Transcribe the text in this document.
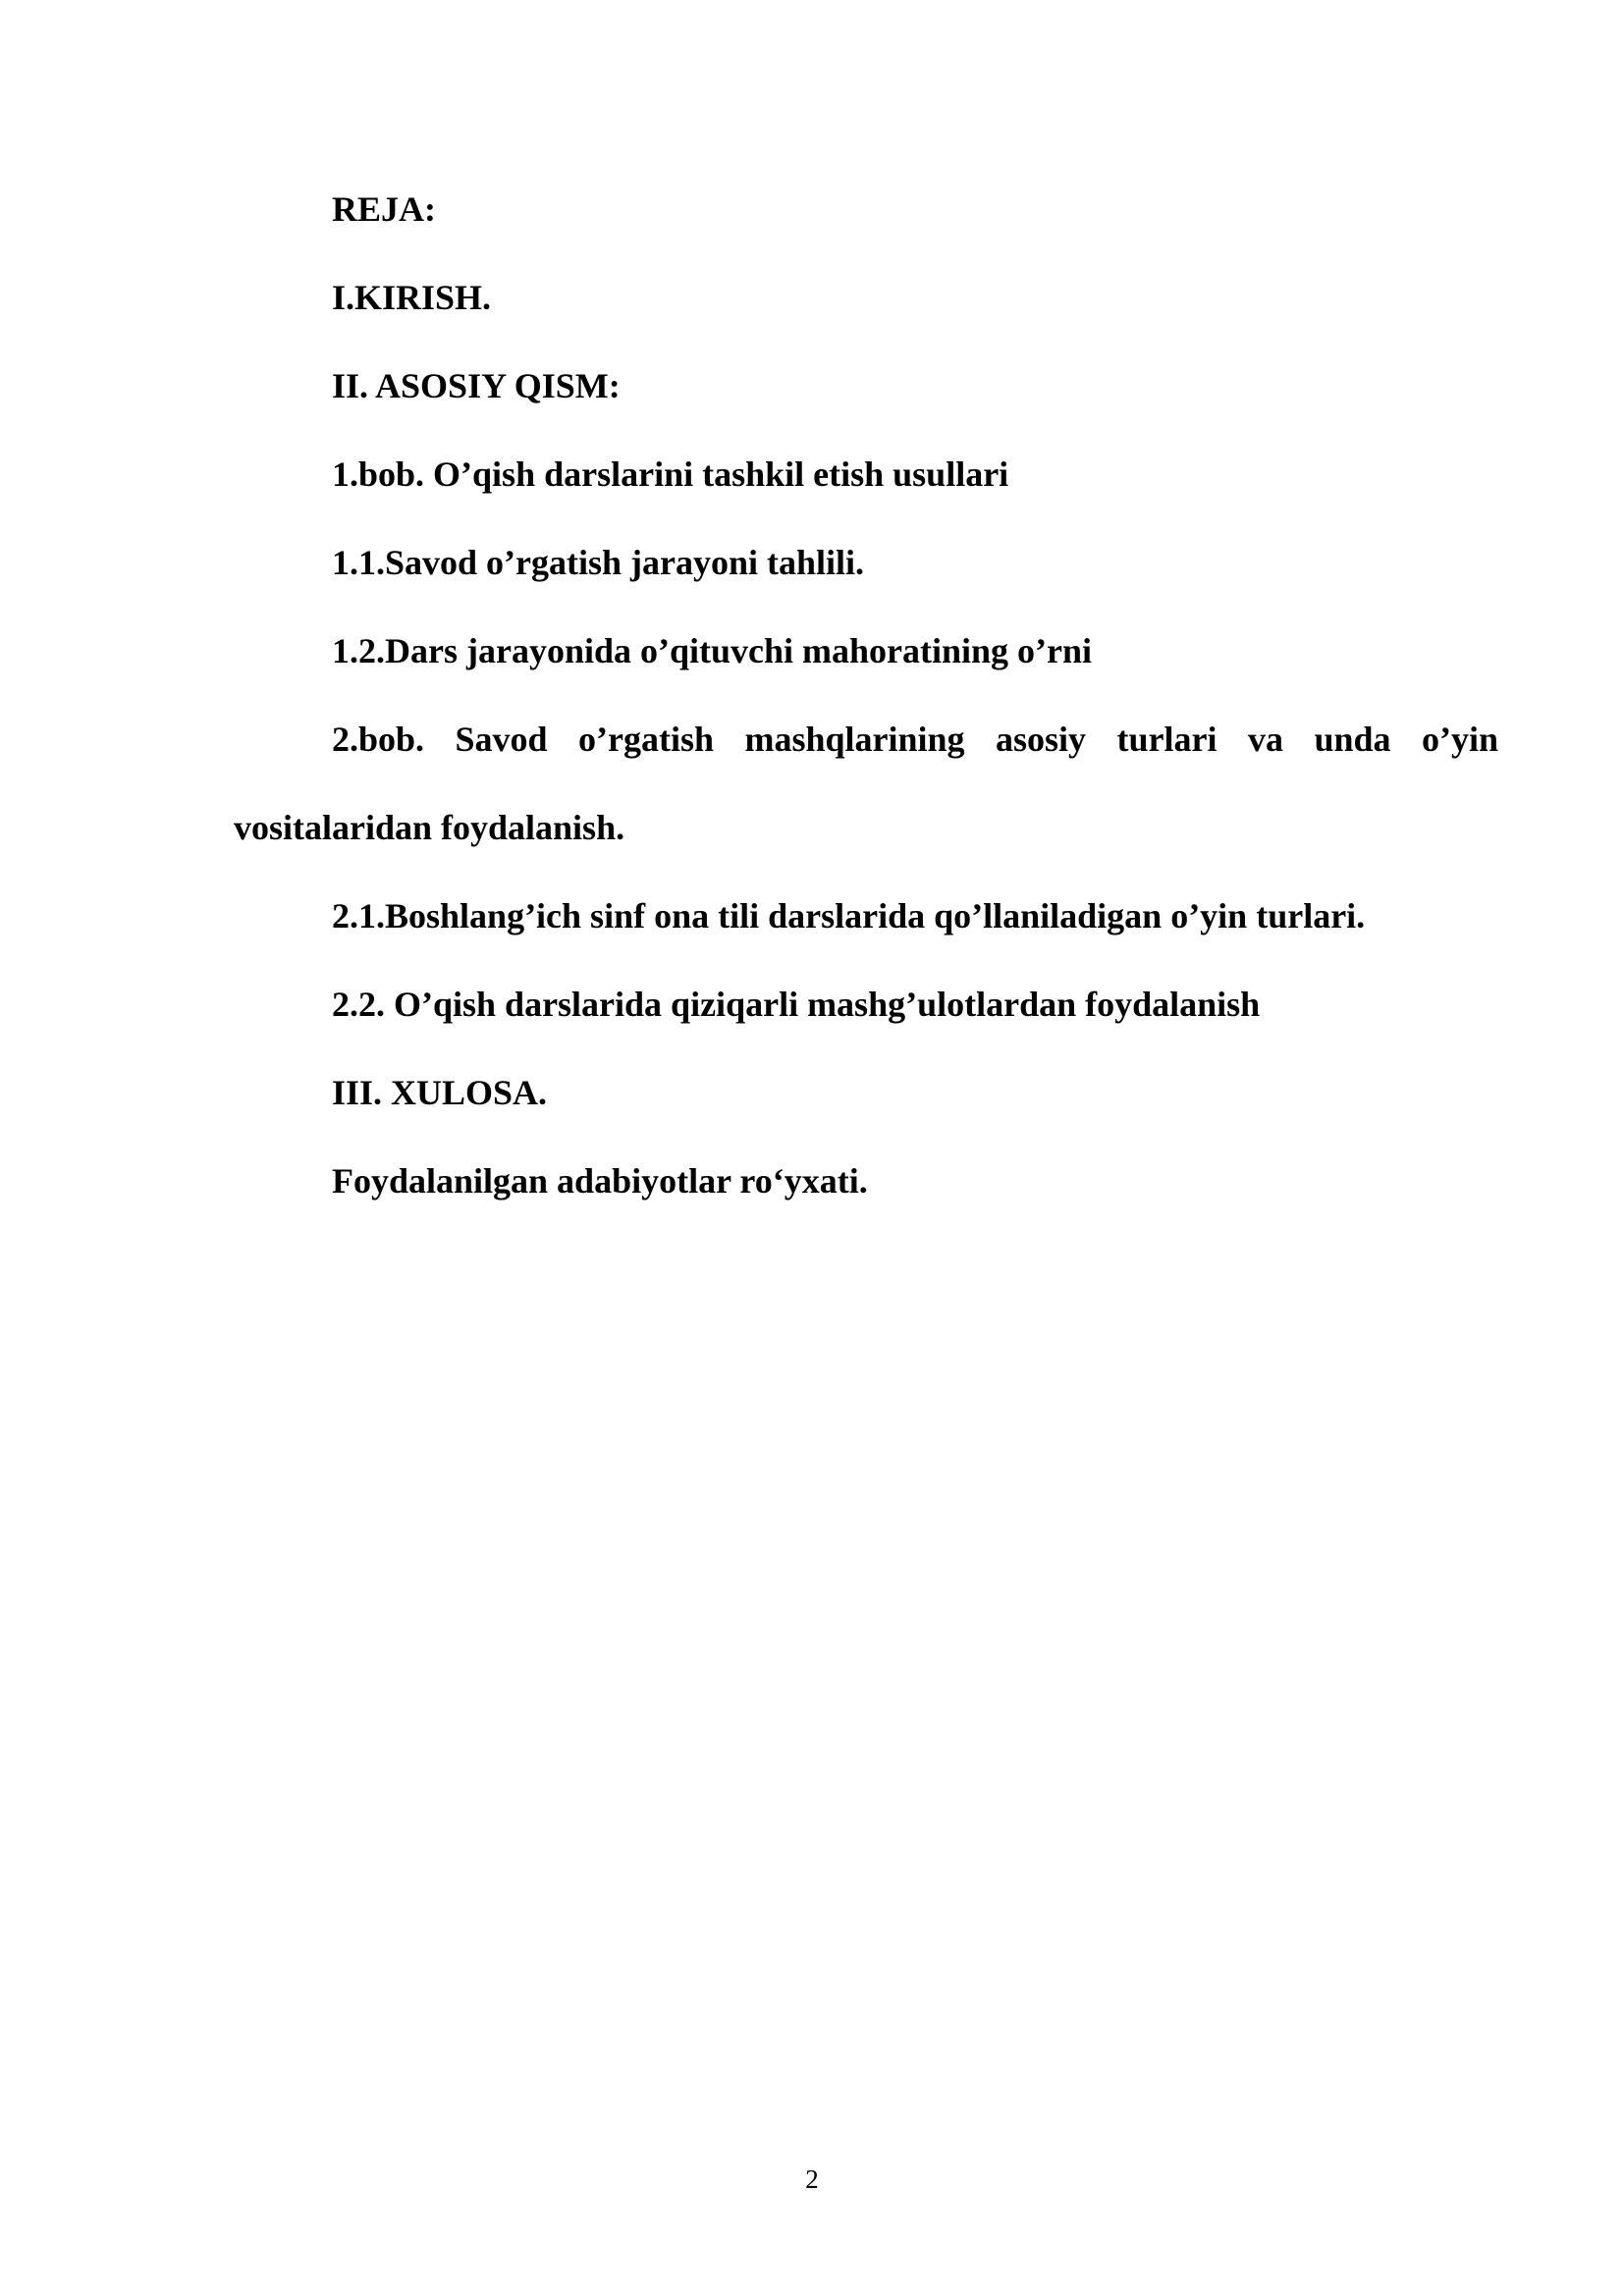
REJA:
I.KIRISH.
II. ASOSIY QISM:
1.bob. O’qish darslarini tashkil etish usullari
1.1.Savod o’rgatish jarayoni tahlili.
1.2.Dars jarayonida o’qituvchi mahoratining o’rni
2.bob. Savod o’rgatish mashqlarining asosiy turlari va unda o’yin vositalaridan foydalanish.
2.1.Boshlang’ich sinf ona tili darslarida qo’llaniladigan o’yin turlari.
2.2. O’qish darslarida qiziqarli mashg’ulotlardan foydalanish
III. XULOSA.
Foydalanilgan adabiyotlar ro‘yxati.
2
